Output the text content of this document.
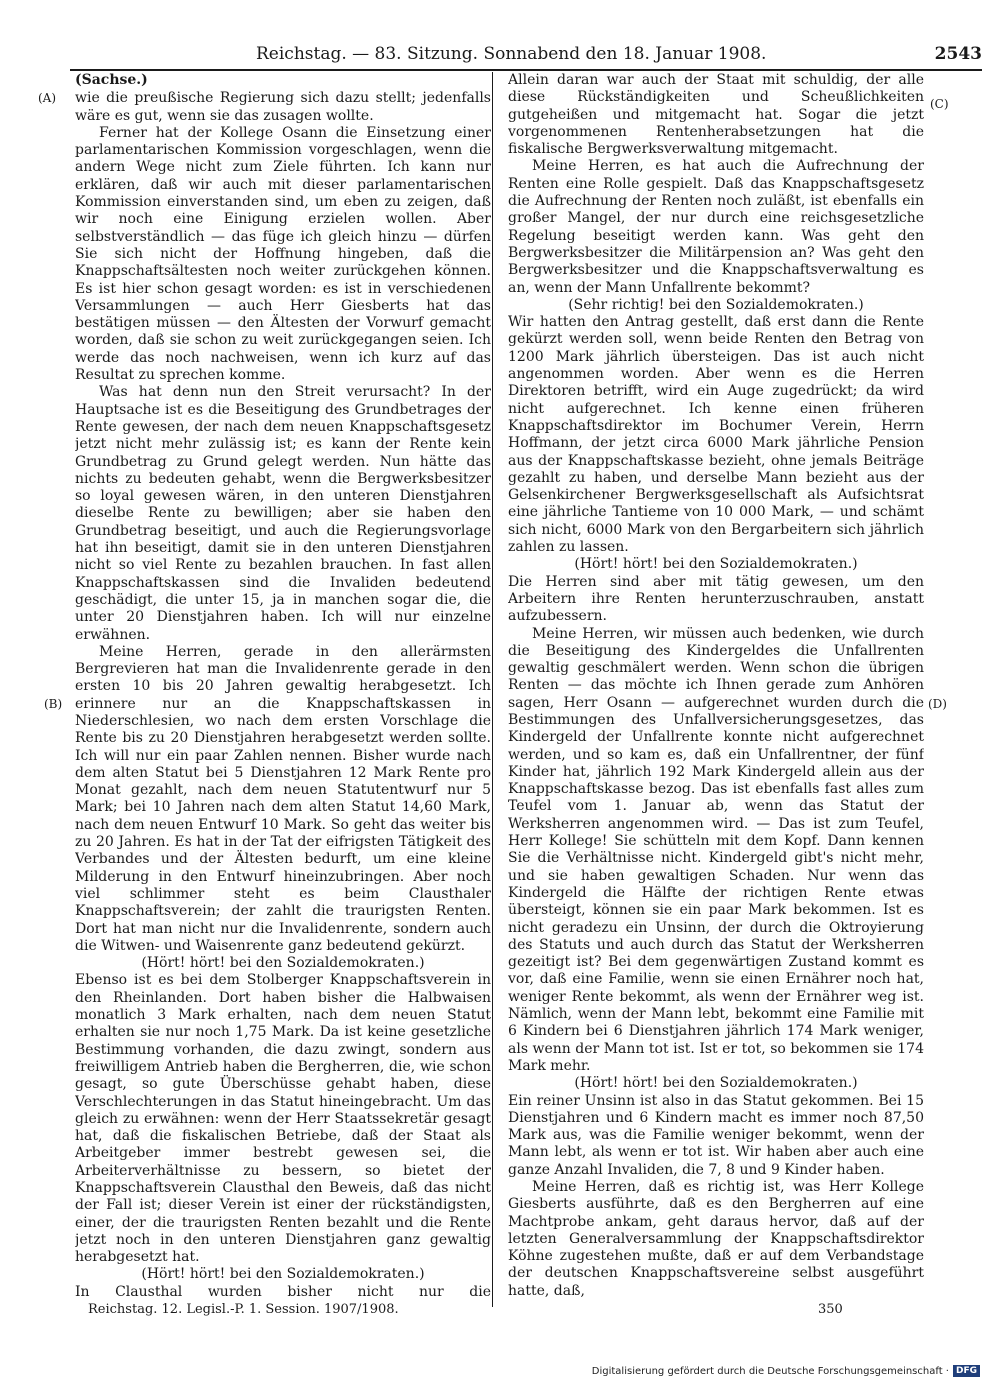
Reichstag. — 83. Sitzung. Sonnabend den 18. Januar 1908.	2543
(A)
(B)
(C)
(D)

(Sachse.)

wie die preußische Regierung sich dazu stellt; jedenfalls wäre es gut, wenn sie das zusagen wollte.

Ferner hat der Kollege Osann die Einsetzung einer parlamentarischen Kommission vorgeschlagen, wenn die andern Wege nicht zum Ziele führten. Ich kann nur erklären, daß wir auch mit dieser parlamentarischen Kommission einverstanden sind, um eben zu zeigen, daß wir noch eine Einigung erzielen wollen. Aber selbstverständlich — das füge ich gleich hinzu — dürfen Sie sich nicht der Hoffnung hingeben, daß die Knappschaftsältesten noch weiter zurückgehen können. Es ist hier schon gesagt worden: es ist in verschiedenen Versammlungen — auch Herr Giesberts hat das bestätigen müssen — den Ältesten der Vorwurf gemacht worden, daß sie schon zu weit zurückgegangen seien. Ich werde das noch nachweisen, wenn ich kurz auf das Resultat zu sprechen komme.

Was hat denn nun den Streit verursacht? In der Hauptsache ist es die Beseitigung des Grundbetrages der Rente gewesen, der nach dem neuen Knappschaftsgesetz jetzt nicht mehr zulässig ist; es kann der Rente kein Grundbetrag zu Grund gelegt werden. Nun hätte das nichts zu bedeuten gehabt, wenn die Bergwerksbesitzer so loyal gewesen wären, in den unteren Dienstjahren dieselbe Rente zu bewilligen; aber sie haben den Grundbetrag beseitigt, und auch die Regierungsvorlage hat ihn beseitigt, damit sie in den unteren Dienstjahren nicht so viel Rente zu bezahlen brauchen. In fast allen Knappschaftskassen sind die Invaliden bedeutend geschädigt, die unter 15, ja in manchen sogar die, die unter 20 Dienstjahren haben. Ich will nur einzelne erwähnen.

Meine Herren, gerade in den allerärmsten Bergrevieren hat man die Invalidenrente gerade in den ersten 10 bis 20 Jahren gewaltig herabgesetzt. Ich erinnere nur an die Knappschaftskassen in Niederschlesien, wo nach dem ersten Vorschlage die Rente bis zu 20 Dienstjahren herabgesetzt werden sollte. Ich will nur ein paar Zahlen nennen. Bisher wurde nach dem alten Statut bei 5 Dienstjahren 12 Mark Rente pro Monat gezahlt, nach dem neuen Statutentwurf nur 5 Mark; bei 10 Jahren nach dem alten Statut 14,60 Mark, nach dem neuen Entwurf 10 Mark. So geht das weiter bis zu 20 Jahren. Es hat in der Tat der eifrigsten Tätigkeit des Verbandes und der Ältesten bedurft, um eine kleine Milderung in den Entwurf hineinzubringen. Aber noch viel schlimmer steht es beim Clausthaler Knappschaftsverein; der zahlt die traurigsten Renten. Dort hat man nicht nur die Invalidenrente, sondern auch die Witwen- und Waisenrente ganz bedeutend gekürzt.

(Hört! hört! bei den Sozialdemokraten.)

Ebenso ist es bei dem Stolberger Knappschaftsverein in den Rheinlanden. Dort haben bisher die Halbwaisen monatlich 3 Mark erhalten, nach dem neuen Statut erhalten sie nur noch 1,75 Mark. Da ist keine gesetzliche Bestimmung vorhanden, die dazu zwingt, sondern aus freiwilligem Antrieb haben die Bergherren, die, wie schon gesagt, so gute Überschüsse gehabt haben, diese Verschlechterungen in das Statut hineingebracht. Um das gleich zu erwähnen: wenn der Herr Staatssekretär gesagt hat, daß die fiskalischen Betriebe, daß der Staat als Arbeitgeber immer bestrebt gewesen sei, die Arbeiterverhältnisse zu bessern, so bietet der Knappschaftsverein Clausthal den Beweis, daß das nicht der Fall ist; dieser Verein ist einer der rückständigsten, einer, der die traurigsten Renten bezahlt und die Rente jetzt noch in den unteren Dienstjahren ganz gewaltig herabgesetzt hat.

(Hört! hört! bei den Sozialdemokraten.)

In Clausthal wurden bisher nicht nur die

Allein daran war auch der Staat mit schuldig, der alle diese Rückständigkeiten und Scheußlichkeiten gutgeheißen und mitgemacht hat. Sogar die jetzt vorgenommenen Rentenherabsetzungen hat die fiskalische Bergwerksverwaltung mitgemacht.

Meine Herren, es hat auch die Aufrechnung der Renten eine Rolle gespielt. Daß das Knappschaftsgesetz die Aufrechnung der Renten noch zuläßt, ist ebenfalls ein großer Mangel, der nur durch eine reichsgesetzliche Regelung beseitigt werden kann. Was geht den Bergwerksbesitzer die Militärpension an? Was geht den Bergwerksbesitzer und die Knappschaftsverwaltung es an, wenn der Mann Unfallrente bekommt?

(Sehr richtig! bei den Sozialdemokraten.)

Wir hatten den Antrag gestellt, daß erst dann die Rente gekürzt werden soll, wenn beide Renten den Betrag von 1200 Mark jährlich übersteigen. Das ist auch nicht angenommen worden. Aber wenn es die Herren Direktoren betrifft, wird ein Auge zugedrückt; da wird nicht aufgerechnet. Ich kenne einen früheren Knappschaftsdirektor im Bochumer Verein, Herrn Hoffmann, der jetzt circa 6000 Mark jährliche Pension aus der Knappschaftskasse bezieht, ohne jemals Beiträge gezahlt zu haben, und derselbe Mann bezieht aus der Gelsenkirchener Bergwerksgesellschaft als Aufsichtsrat eine jährliche Tantieme von 10 000 Mark, — und schämt sich nicht, 6000 Mark von den Bergarbeitern sich jährlich zahlen zu lassen.

(Hört! hört! bei den Sozialdemokraten.)

Die Herren sind aber mit tätig gewesen, um den Arbeitern ihre Renten herunterzuschrauben, anstatt aufzubessern.

Meine Herren, wir müssen auch bedenken, wie durch die Beseitigung des Kindergeldes die Unfallrenten gewaltig geschmälert werden. Wenn schon die übrigen Renten — das möchte ich Ihnen gerade zum Anhören sagen, Herr Osann — aufgerechnet wurden durch die Bestimmungen des Unfallversicherungsgesetzes, das Kindergeld der Unfallrente konnte nicht aufgerechnet werden, und so kam es, daß ein Unfallrentner, der fünf Kinder hat, jährlich 192 Mark Kindergeld allein aus der Knappschaftskasse bezog. Das ist ebenfalls fast alles zum Teufel vom 1. Januar ab, wenn das Statut der Werksherren angenommen wird. — Das ist zum Teufel, Herr Kollege! Sie schütteln mit dem Kopf. Dann kennen Sie die Verhältnisse nicht. Kindergeld gibt's nicht mehr, und sie haben gewaltigen Schaden. Nur wenn das Kindergeld die Hälfte der richtigen Rente etwas übersteigt, können sie ein paar Mark bekommen. Ist es nicht geradezu ein Unsinn, der durch die Oktroyierung des Statuts und auch durch das Statut der Werksherren gezeitigt ist? Bei dem gegenwärtigen Zustand kommt es vor, daß eine Familie, wenn sie einen Ernährer noch hat, weniger Rente bekommt, als wenn der Ernährer weg ist. Nämlich, wenn der Mann lebt, bekommt eine Familie mit 6 Kindern bei 6 Dienstjahren jährlich 174 Mark weniger, als wenn der Mann tot ist. Ist er tot, so bekommen sie 174 Mark mehr.

(Hört! hört! bei den Sozialdemokraten.)

Ein reiner Unsinn ist also in das Statut gekommen. Bei 15 Dienstjahren und 6 Kindern macht es immer noch 87,50 Mark aus, was die Familie weniger bekommt, wenn der Mann lebt, als wenn er tot ist. Wir haben aber auch eine ganze Anzahl Invaliden, die 7, 8 und 9 Kinder haben.

Meine Herren, daß es richtig ist, was Herr Kollege Giesberts ausführte, daß es den Bergherren auf eine Machtprobe ankam, geht daraus hervor, daß auf der letzten Generalversammlung der Knappschaftsdirektor Köhne zugestehen mußte, daß er auf dem Verbandstage der deutschen Knappschaftsvereine selbst ausgeführt hatte, daß,

Reichstag. 12. Legisl.-P. 1. Session. 1907/1908.	350
Digitalisierung gefördert durch die Deutsche Forschungsgemeinschaft · DFG
